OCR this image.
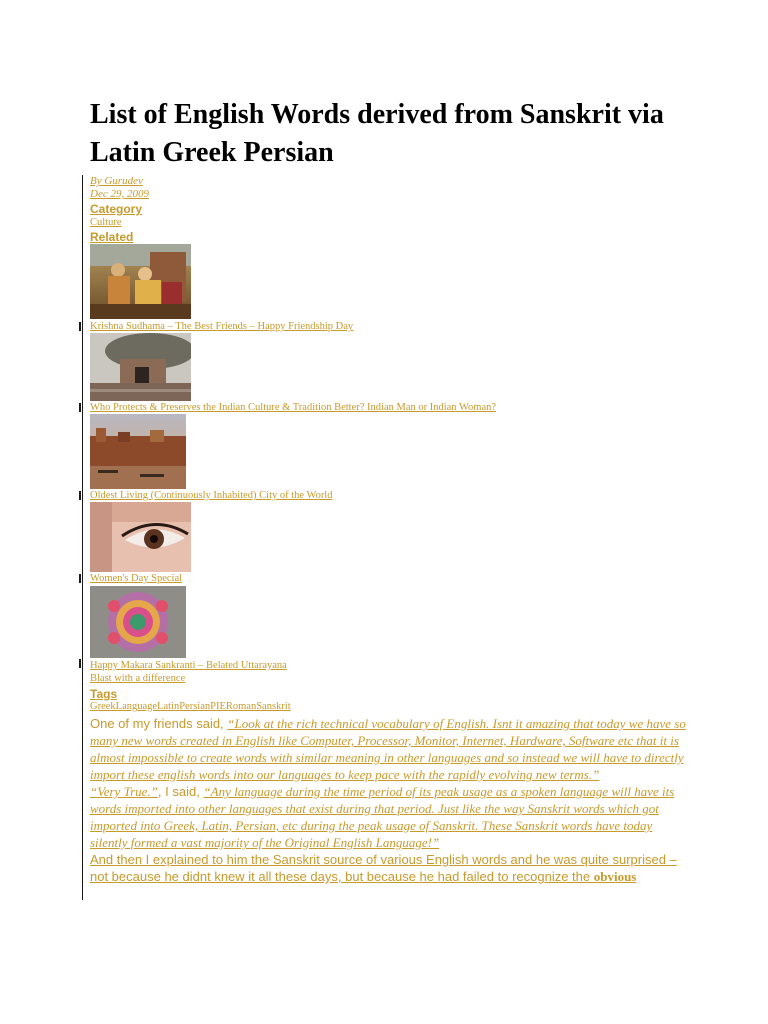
List of English Words derived from Sanskrit via Latin Greek Persian
By Gurudev
Dec 29, 2009
Category
Culture
Related
Krishna Sudhama – The Best Friends – Happy Friendship Day
Who Protects & Preserves the Indian Culture & Tradition Better? Indian Man or Indian Woman?
Oldest Living (Continuously Inhabited) City of the World
Women's Day Special
Happy Makara Sankranti – Belated Uttarayana
Blast with a difference
Tags
GreekLanguageLatinPersianPIERomanSanskrit

One of my friends said, “Look at the rich technical vocabulary of English. Isnt it amazing that today we have so many new words created in English like Computer, Processor, Monitor, Internet, Hardware, Software etc that it is almost impossible to create words with similar meaning in other languages and so instead we will have to directly import these english words into our languages to keep pace with the rapidly evolving new terms.”

“Very True.”, I said, “Any language during the time period of its peak usage as a spoken language will have its words imported into other languages that exist during that period. Just like the way Sanskrit words which got imported into Greek, Latin, Persian, etc during the peak usage of Sanskrit. These Sanskrit words have today silently formed a vast majority of the Original English Language!”

And then I explained to him the Sanskrit source of various English words and he was quite surprised – not because he didnt knew it all these days, but because he had failed to recognize the obvious
